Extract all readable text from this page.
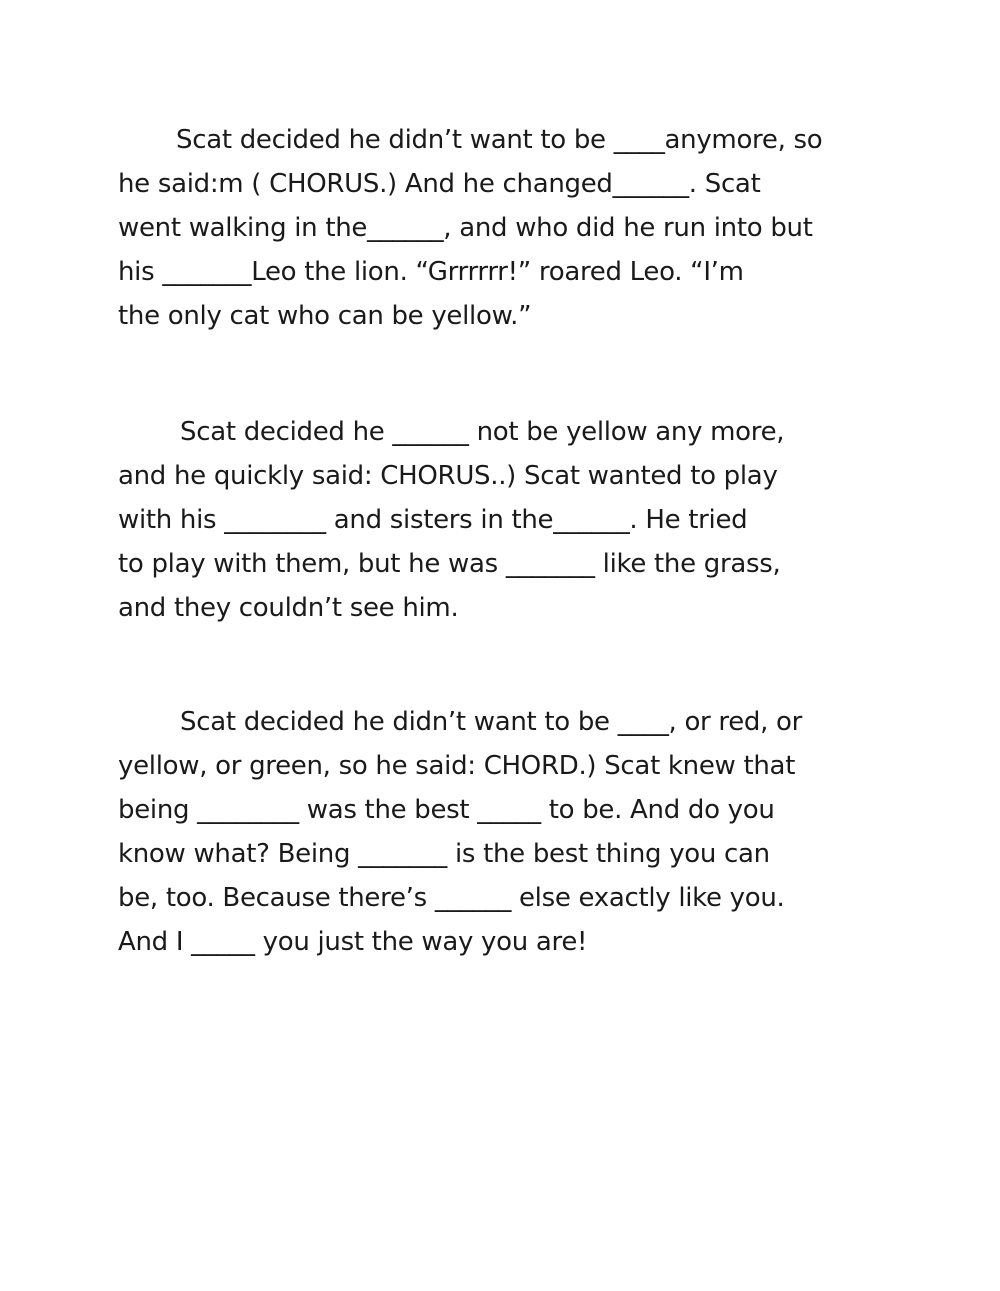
Scat decided he didn’t want to be ____anymore, so
he said:m ( CHORUS.) And he changed______. Scat
went walking in the______, and who did he run into but
his _______Leo the lion. “Grrrrrr!” roared Leo. “I’m
the only cat who can be yellow.”
Scat decided he ______ not be yellow any more,
and he quickly said: CHORUS..) Scat wanted to play
with his ________ and sisters in the______. He tried
to play with them, but he was _______ like the grass,
and they couldn’t see him.
Scat decided he didn’t want to be ____, or red, or
yellow, or green, so he said: CHORD.) Scat knew that
being ________ was the best _____ to be. And do you
know what? Being _______ is the best thing you can
be, too. Because there’s ______ else exactly like you.
And I _____ you just the way you are!
